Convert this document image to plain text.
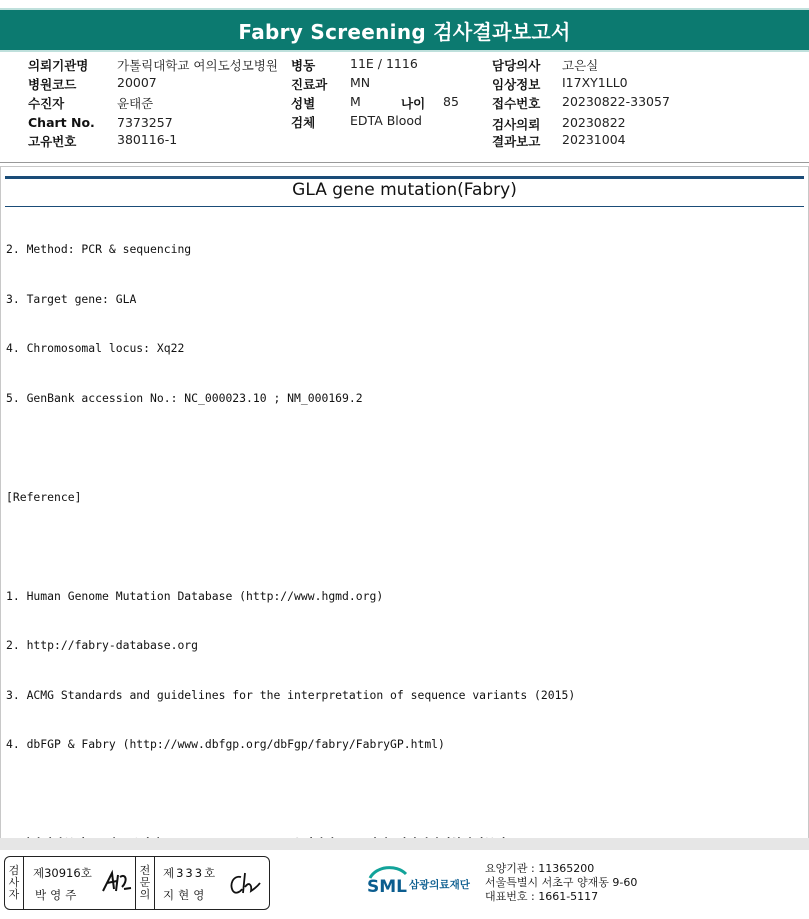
Fabry Screening 검사결과보고서
의뢰기관명 가톨릭대학교 여의도성모병원
병원코드	20007
수진자	윤태준
Chart No. 7373257
고유번호	380116-1
병동	11E / 1116
진료과 MN
성별	M	나이 85
검체	EDTA Blood
담당의사 고은실
임상정보 I17XY1LL0
접수번호 20230822-33057
검사의뢰 20230822
결과보고 20231004
GLA gene mutation(Fabry)

2. Method: PCR & sequencing

3. Target gene: GLA

4. Chromosomal locus: Xq22

5. GenBank accession No.: NC_000023.10 ; NM_000169.2

[Reference]

1. Human Genome Mutation Database (http://www.hgmd.org)

2. http://fabry-database.org

3. ACMG Standards and guidelines for the interpretation of sequence variants (2015)

4. dbFGP & Fabry (http://www.dbfgp.org/dbFgp/fabry/FabryGP.html)

검
사
자
제30916호
박영주
전
문
의
제333호
지현영	SML 삼광의료재단
요양기관 : 11365200
서울특별시 서초구 양재동 9-60
대표번호 : 1661-5117
